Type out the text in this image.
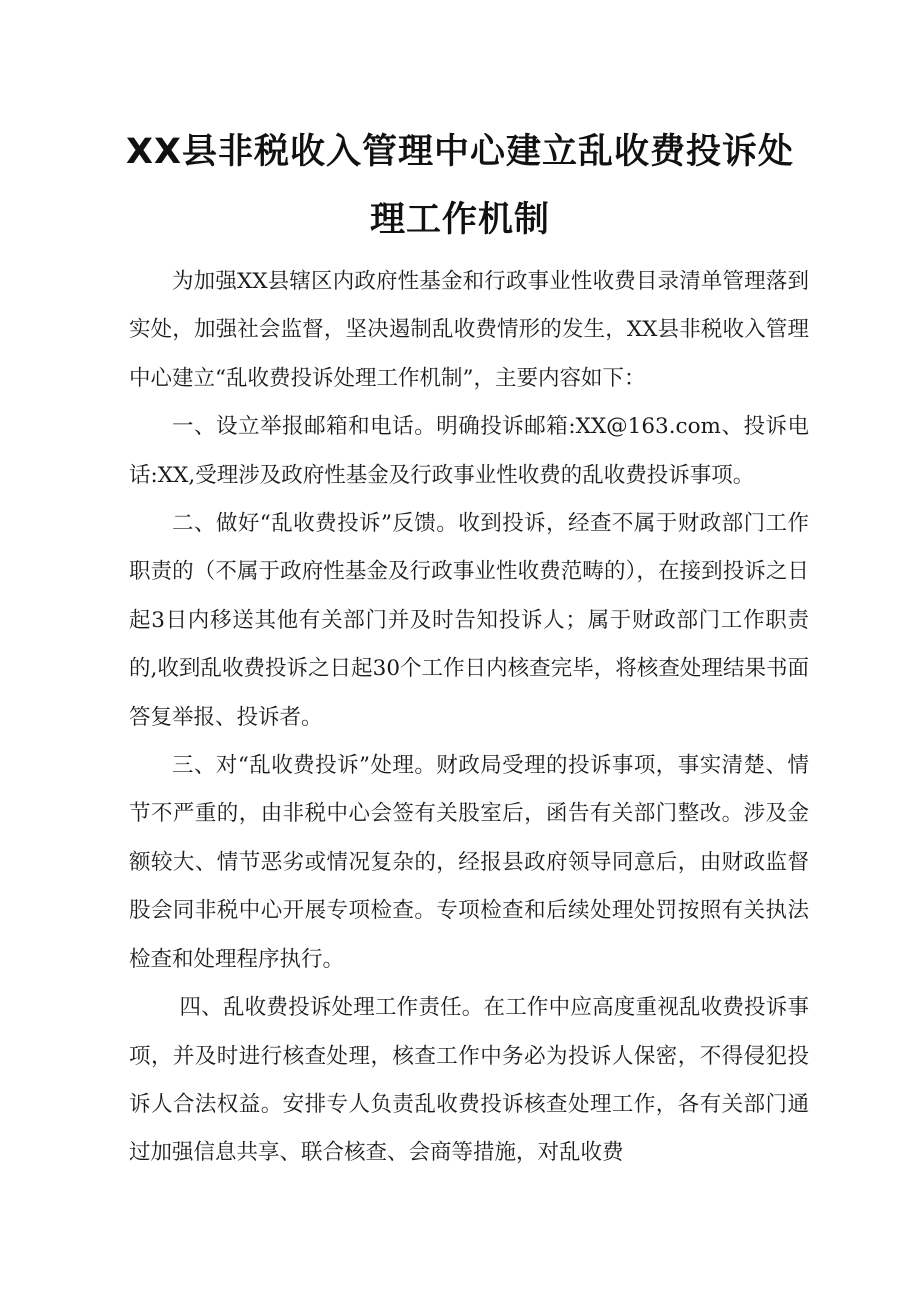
XX县非税收入管理中心建立乱收费投诉处
理工作机制

为加强XX县辖区内政府性基金和行政事业性收费目录清单管理落到实处，加强社会监督，坚决遏制乱收费情形的发生，XX县非税收入管理中心建立“乱收费投诉处理工作机制”，主要内容如下：

一、设立举报邮箱和电话。明确投诉邮箱:XX@163.com、投诉电话:XX,受理涉及政府性基金及行政事业性收费的乱收费投诉事项。

二、做好“乱收费投诉”反馈。收到投诉，经查不属于财政部门工作职责的（不属于政府性基金及行政事业性收费范畴的），在接到投诉之日起3日内移送其他有关部门并及时告知投诉人；属于财政部门工作职责的,收到乱收费投诉之日起30个工作日内核查完毕，将核查处理结果书面答复举报、投诉者。

三、对“乱收费投诉”处理。财政局受理的投诉事项，事实清楚、情节不严重的，由非税中心会签有关股室后，函告有关部门整改。涉及金额较大、情节恶劣或情况复杂的，经报县政府领导同意后，由财政监督股会同非税中心开展专项检查。专项检查和后续处理处罚按照有关执法检查和处理程序执行。

四、乱收费投诉处理工作责任。在工作中应高度重视乱收费投诉事项，并及时进行核查处理，核查工作中务必为投诉人保密，不得侵犯投诉人合法权益。安排专人负责乱收费投诉核查处理工作，各有关部门通过加强信息共享、联合核查、会商等措施，对乱收费
